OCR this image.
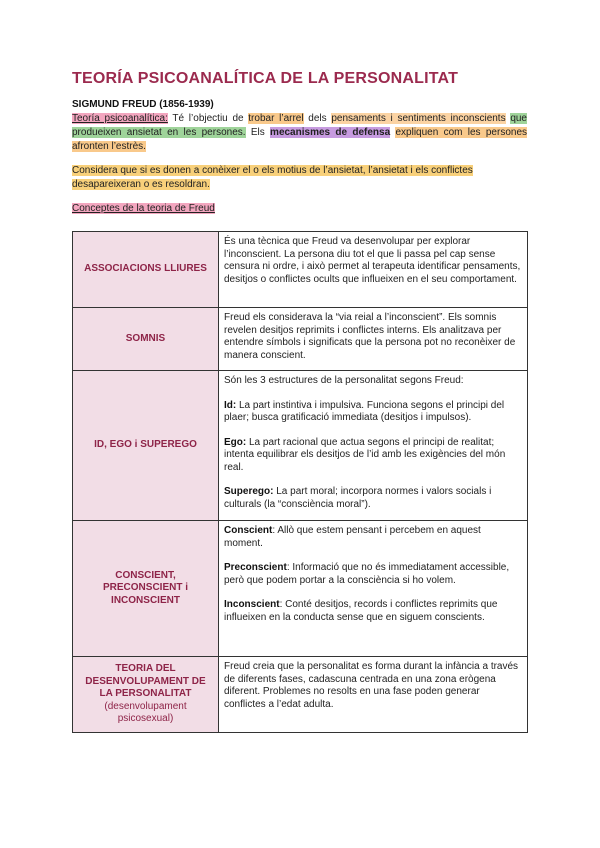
TEORÍA PSICOANALÍTICA DE LA PERSONALITAT
SIGMUND FREUD (1856-1939)
Teoría psicoanalítica: Té l’objectiu de trobar l’arrel dels pensaments i sentiments inconscients que produeixen ansietat en les persones. Els mecanismes de defensa expliquen com les persones afronten l’estrès.
Considera que si es donen a conèixer el o els motius de l’ansietat, l’ansietat i els conflictes desapareixeran o es resoldran.
Conceptes de la teoria de Freud
ASSOCIACIONS LLIURES	És una tècnica que Freud va desenvolupar per explorar l’inconscient. La persona diu tot el que li passa pel cap sense censura ni ordre, i això permet al terapeuta identificar pensaments, desitjos o conflictes ocults que influeixen en el seu comportament.
SOMNIS	Freud els considerava la “via reial a l’inconscient”. Els somnis revelen desitjos reprimits i conflictes interns. Els analitzava per entendre símbols i significats que la persona pot no reconèixer de manera conscient.
ID, EGO i SUPEREGO	Són les 3 estructures de la personalitat segons Freud:

Id: La part instintiva i impulsiva. Funciona segons el principi del plaer; busca gratificació immediata (desitjos i impulsos).

Ego: La part racional que actua segons el principi de realitat; intenta equilibrar els desitjos de l’id amb les exigències del món real.

Superego: La part moral; incorpora normes i valors socials i culturals (la “consciència moral”).

CONSCIENT, PRECONSCIENT i INCONSCIENT	Conscient: Allò que estem pensant i percebem en aquest moment.

Preconscient: Informació que no és immediatament accessible, però que podem portar a la consciència si ho volem.

Inconscient: Conté desitjos, records i conflictes reprimits que influeixen en la conducta sense que en siguem conscients.

TEORIA DEL DESENVOLUPAMENT DE LA PERSONALITAT
(desenvolupament psicosexual)	Freud creia que la personalitat es forma durant la infància a través de diferents fases, cadascuna centrada en una zona erògena diferent. Problemes no resolts en una fase poden generar conflictes a l’edat adulta.
